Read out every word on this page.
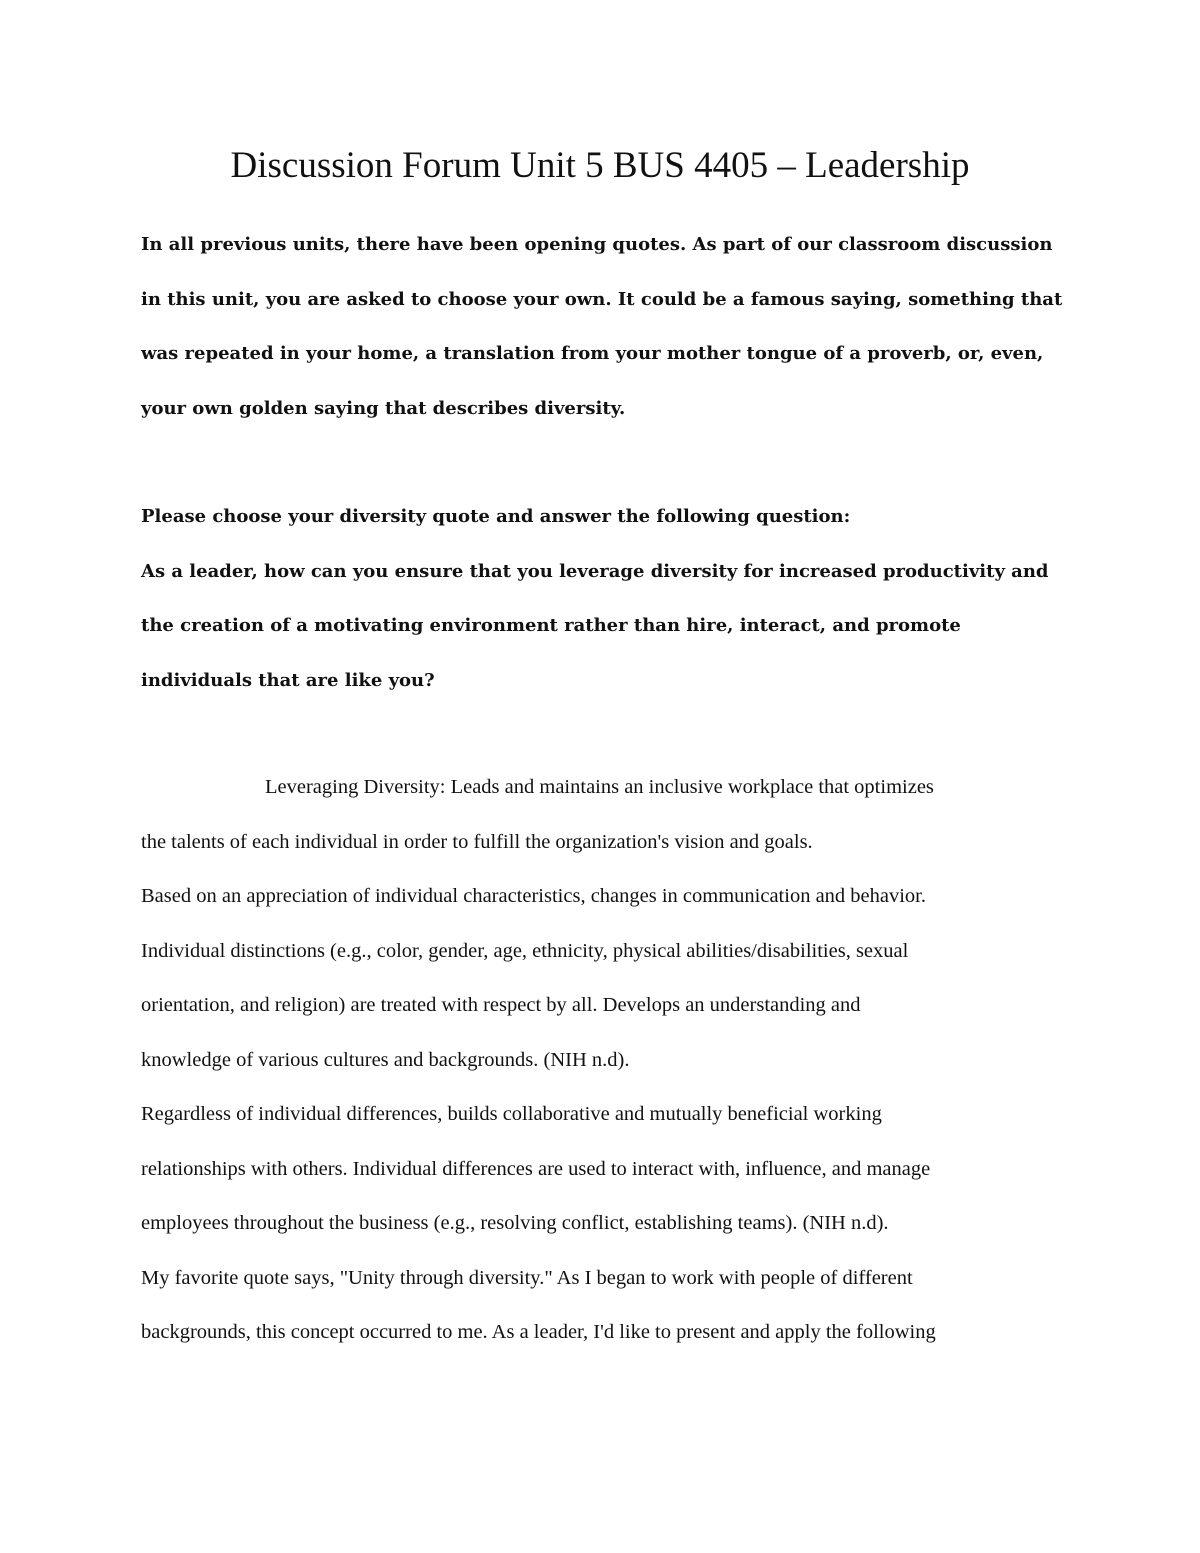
Discussion Forum Unit 5 BUS 4405 – Leadership
In all previous units, there have been opening quotes. As part of our classroom discussion
in this unit, you are asked to choose your own. It could be a famous saying, something that
was repeated in your home, a translation from your mother tongue of a proverb, or, even,
your own golden saying that describes diversity.
Please choose your diversity quote and answer the following question:
As a leader, how can you ensure that you leverage diversity for increased productivity and
the creation of a motivating environment rather than hire, interact, and promote
individuals that are like you?
Leveraging Diversity: Leads and maintains an inclusive workplace that optimizes
the talents of each individual in order to fulfill the organization's vision and goals.
Based on an appreciation of individual characteristics, changes in communication and behavior.
Individual distinctions (e.g., color, gender, age, ethnicity, physical abilities/disabilities, sexual
orientation, and religion) are treated with respect by all. Develops an understanding and
knowledge of various cultures and backgrounds. (NIH n.d).
Regardless of individual differences, builds collaborative and mutually beneficial working
relationships with others. Individual differences are used to interact with, influence, and manage
employees throughout the business (e.g., resolving conflict, establishing teams). (NIH n.d).
My favorite quote says, "Unity through diversity." As I began to work with people of different
backgrounds, this concept occurred to me. As a leader, I'd like to present and apply the following
